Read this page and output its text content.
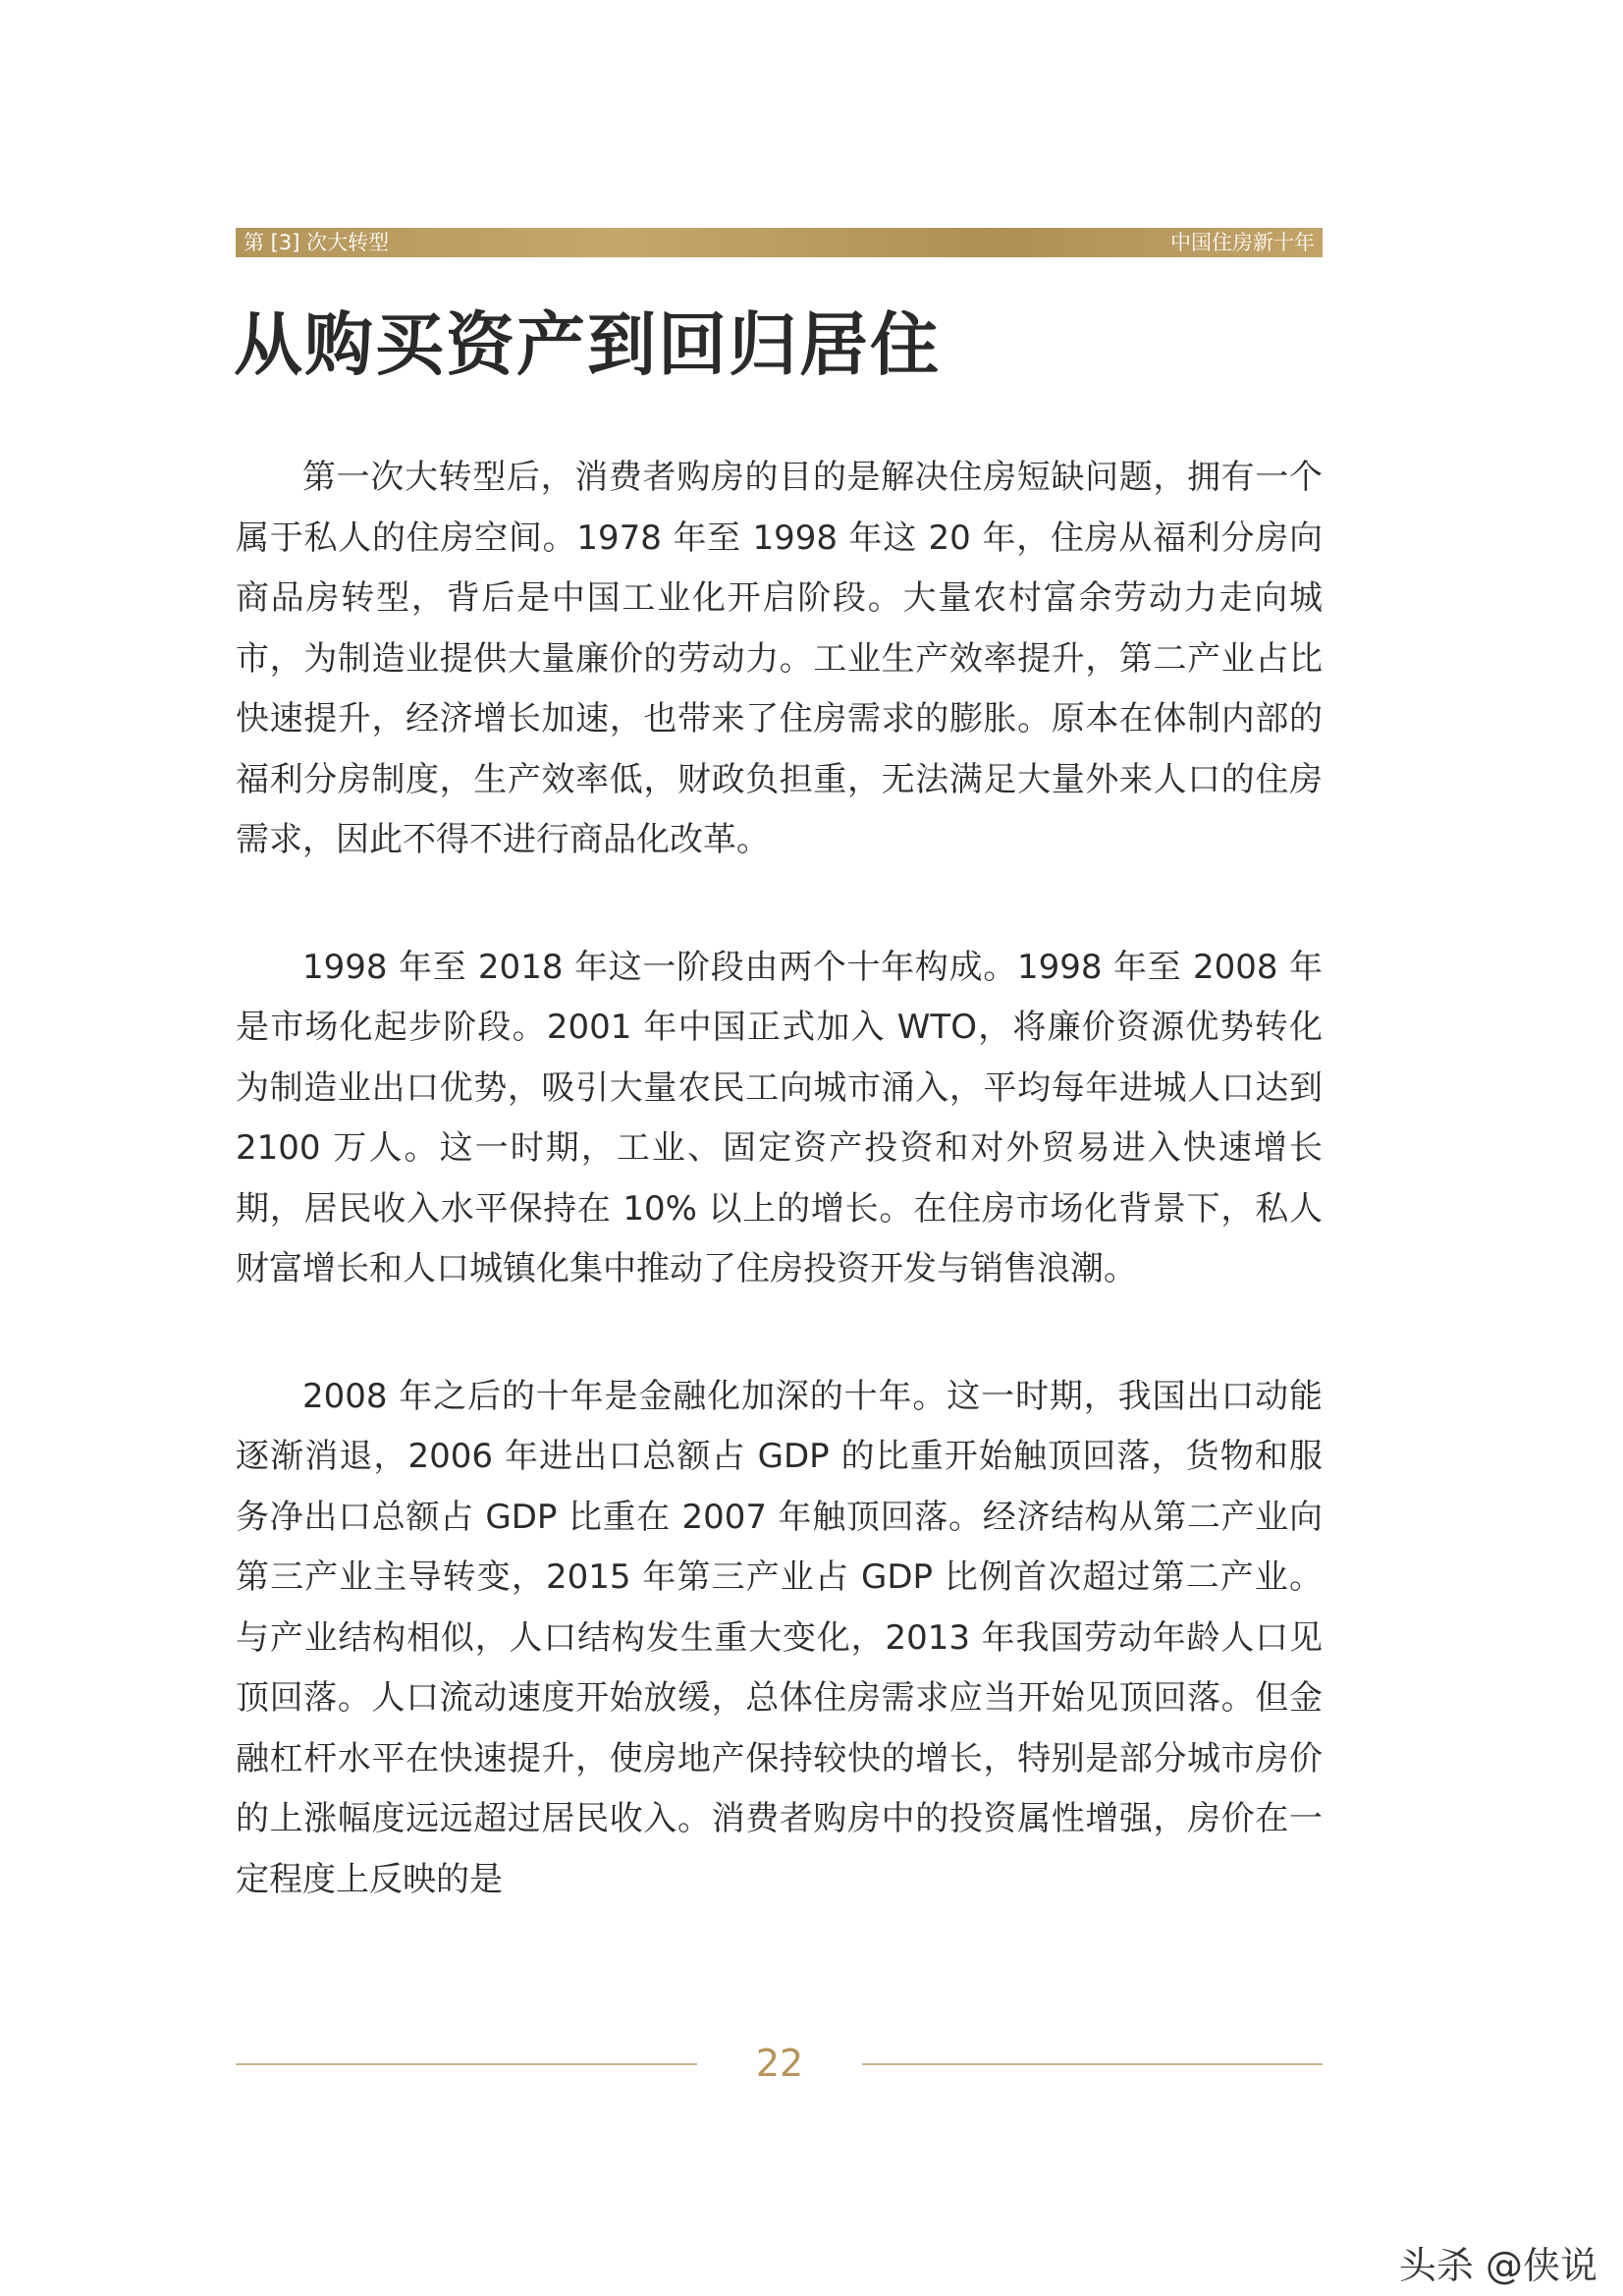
第 [3] 次大转型	中国住房新十年
从购买资产到回归居住

第一次大转型后，消费者购房的目的是解决住房短缺问题，拥有一个属于私人的住房空间。1978 年至 1998 年这 20 年，住房从福利分房向商品房转型，背后是中国工业化开启阶段。大量农村富余劳动力走向城市，为制造业提供大量廉价的劳动力。工业生产效率提升，第二产业占比快速提升，经济增长加速，也带来了住房需求的膨胀。原本在体制内部的福利分房制度，生产效率低，财政负担重，无法满足大量外来人口的住房需求，因此不得不进行商品化改革。

1998 年至 2018 年这一阶段由两个十年构成。1998 年至 2008 年是市场化起步阶段。2001 年中国正式加入 WTO，将廉价资源优势转化为制造业出口优势，吸引大量农民工向城市涌入，平均每年进城人口达到 2100 万人。这一时期，工业、固定资产投资和对外贸易进入快速增长期，居民收入水平保持在 10% 以上的增长。在住房市场化背景下，私人财富增长和人口城镇化集中推动了住房投资开发与销售浪潮。

2008 年之后的十年是金融化加深的十年。这一时期，我国出口动能逐渐消退，2006 年进出口总额占 GDP 的比重开始触顶回落，货物和服务净出口总额占 GDP 比重在 2007 年触顶回落。经济结构从第二产业向第三产业主导转变，2015 年第三产业占 GDP 比例首次超过第二产业。与产业结构相似，人口结构发生重大变化，2013 年我国劳动年龄人口见顶回落。人口流动速度开始放缓，总体住房需求应当开始见顶回落。但金融杠杆水平在快速提升，使房地产保持较快的增长，特别是部分城市房价的上涨幅度远远超过居民收入。消费者购房中的投资属性增强，房价在一定程度上反映的是

22
头杀 @侠说
